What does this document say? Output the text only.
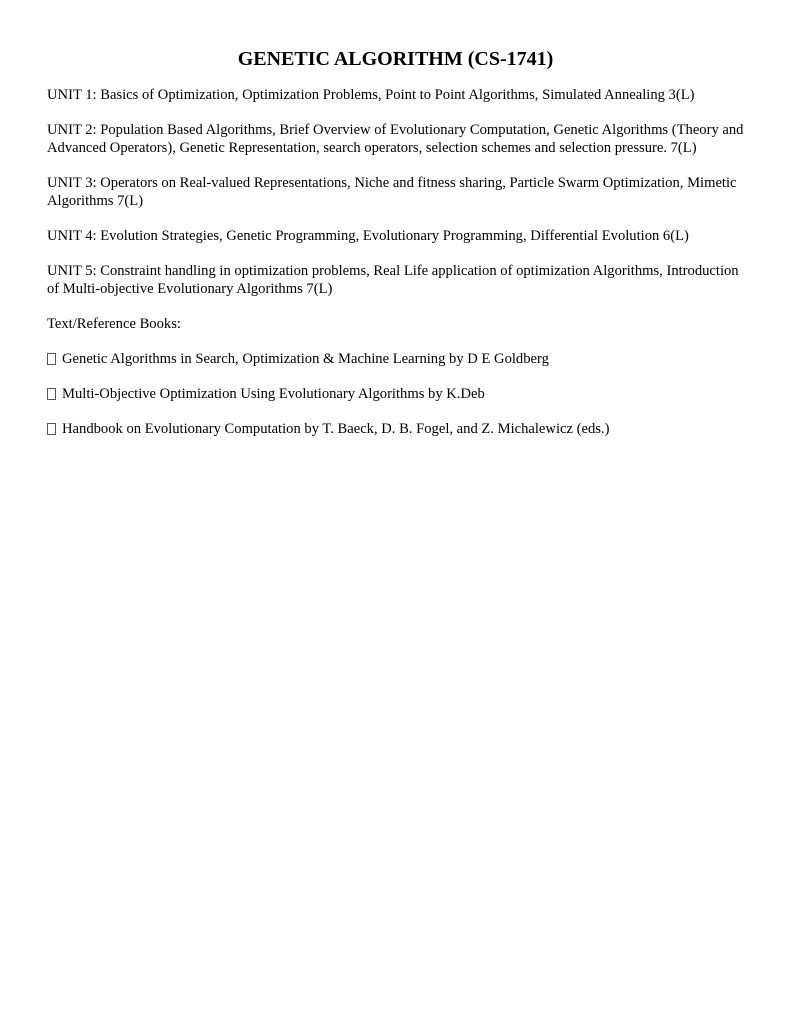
GENETIC ALGORITHM (CS-1741)

UNIT 1: Basics of Optimization, Optimization Problems, Point to Point Algorithms, Simulated Annealing 3(L)

UNIT 2: Population Based Algorithms, Brief Overview of Evolutionary Computation, Genetic Algorithms (Theory and Advanced Operators), Genetic Representation, search operators, selection schemes and selection pressure. 7(L)

UNIT 3: Operators on Real-valued Representations, Niche and fitness sharing, Particle Swarm Optimization, Mimetic Algorithms 7(L)

UNIT 4: Evolution Strategies, Genetic Programming, Evolutionary Programming, Differential Evolution 6(L)

UNIT 5: Constraint handling in optimization problems, Real Life application of optimization Algorithms, Introduction of Multi-objective Evolutionary Algorithms 7(L)

Text/Reference Books:

Genetic Algorithms in Search, Optimization & Machine Learning by D E Goldberg
Multi-Objective Optimization Using Evolutionary Algorithms by K.Deb
Handbook on Evolutionary Computation by T. Baeck, D. B. Fogel, and Z. Michalewicz (eds.)
